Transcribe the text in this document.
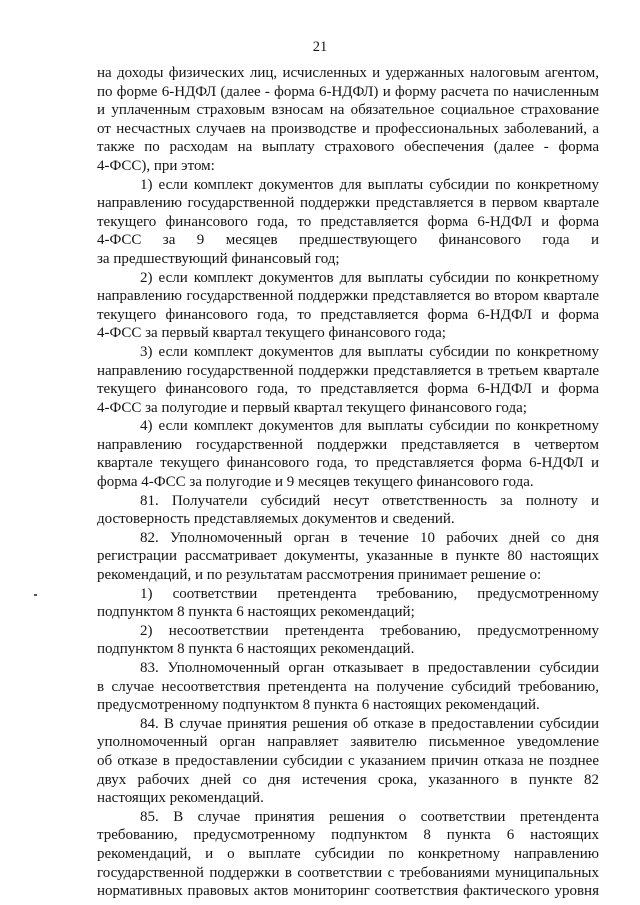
21
на доходы физических лиц, исчисленных и удержанных налоговым агентом,
по форме 6-НДФЛ (далее - форма 6-НДФЛ) и форму расчета по начисленным
и уплаченным страховым взносам на обязательное социальное страхование
от несчастных случаев на производстве и профессиональных заболеваний, а
также по расходам на выплату страхового обеспечения (далее - форма
4-ФСС), при этом:
1) если комплект документов для выплаты субсидии по конкретному
направлению государственной поддержки представляется в первом квартале
текущего финансового года, то представляется форма 6-НДФЛ и форма
4-ФСС за 9 месяцев предшествующего финансового года и
за предшествующий финансовый год;
2) если комплект документов для выплаты субсидии по конкретному
направлению государственной поддержки представляется во втором квартале
текущего финансового года, то представляется форма 6-НДФЛ и форма
4-ФСС за первый квартал текущего финансового года;
3) если комплект документов для выплаты субсидии по конкретному
направлению государственной поддержки представляется в третьем квартале
текущего финансового года, то представляется форма 6-НДФЛ и форма
4-ФСС за полугодие и первый квартал текущего финансового года;
4) если комплект документов для выплаты субсидии по конкретному
направлению государственной поддержки представляется в четвертом
квартале текущего финансового года, то представляется форма 6-НДФЛ и
форма 4-ФСС за полугодие и 9 месяцев текущего финансового года.
81. Получатели субсидий несут ответственность за полноту и
достоверность представляемых документов и сведений.
82. Уполномоченный орган в течение 10 рабочих дней со дня
регистрации рассматривает документы, указанные в пункте 80 настоящих
рекомендаций, и по результатам рассмотрения принимает решение о:
1) соответствии претендента требованию, предусмотренному
подпунктом 8 пункта 6 настоящих рекомендаций;
2) несоответствии претендента требованию, предусмотренному
подпунктом 8 пункта 6 настоящих рекомендаций.
83. Уполномоченный орган отказывает в предоставлении субсидии
в случае несоответствия претендента на получение субсидий требованию,
предусмотренному подпунктом 8 пункта 6 настоящих рекомендаций.
84. В случае принятия решения об отказе в предоставлении субсидии
уполномоченный орган направляет заявителю письменное уведомление
об отказе в предоставлении субсидии с указанием причин отказа не позднее
двух рабочих дней со дня истечения срока, указанного в пункте 82
настоящих рекомендаций.
85. В случае принятия решения о соответствии претендента
требованию, предусмотренному подпунктом 8 пункта 6 настоящих
рекомендаций, и о выплате субсидии по конкретному направлению
государственной поддержки в соответствии с требованиями муниципальных
нормативных правовых актов мониторинг соответствия фактического уровня
